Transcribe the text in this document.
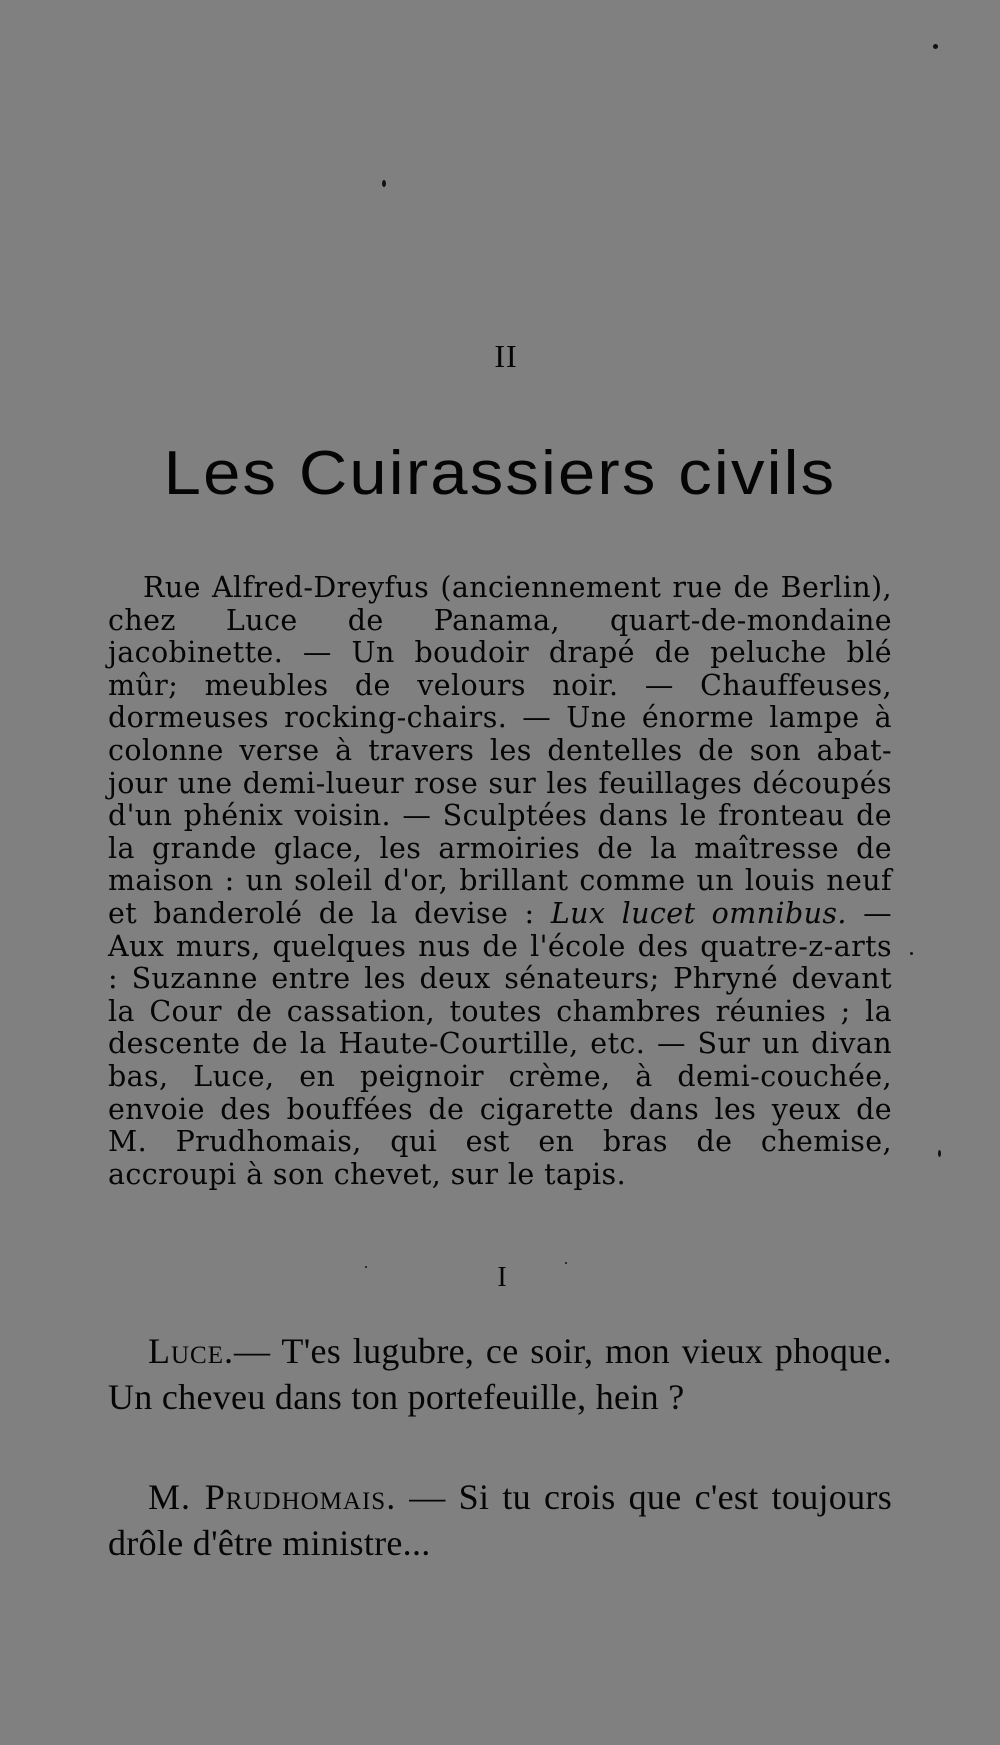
II
Les Cuirassiers civils

Rue Alfred-Dreyfus (anciennement rue de Berlin), chez Luce de Panama, quart-de-mondaine jacobinette. — Un boudoir drapé de peluche blé mûr; meubles de velours noir. — Chauffeuses, dormeuses rocking-chairs. — Une énorme lampe à colonne verse à travers les dentelles de son abat-jour une demi-lueur rose sur les feuillages découpés d'un phénix voisin. — Sculptées dans le fronteau de la grande glace, les armoiries de la maîtresse de maison : un soleil d'or, brillant comme un louis neuf et banderolé de la devise : Lux lucet omnibus. — Aux murs, quelques nus de l'école des quatre-z-arts : Suzanne entre les deux sénateurs; Phryné devant la Cour de cassation, toutes chambres réunies ; la descente de la Haute-Courtille, etc. — Sur un divan bas, Luce, en peignoir crème, à demi-couchée, envoie des bouffées de cigarette dans les yeux de M. Prudhomais, qui est en bras de chemise, accroupi à son chevet, sur le tapis.

I

Luce.— T'es lugubre, ce soir, mon vieux phoque. Un cheveu dans ton portefeuille, hein ?

M. Prudhomais. — Si tu crois que c'est toujours drôle d'être ministre...
